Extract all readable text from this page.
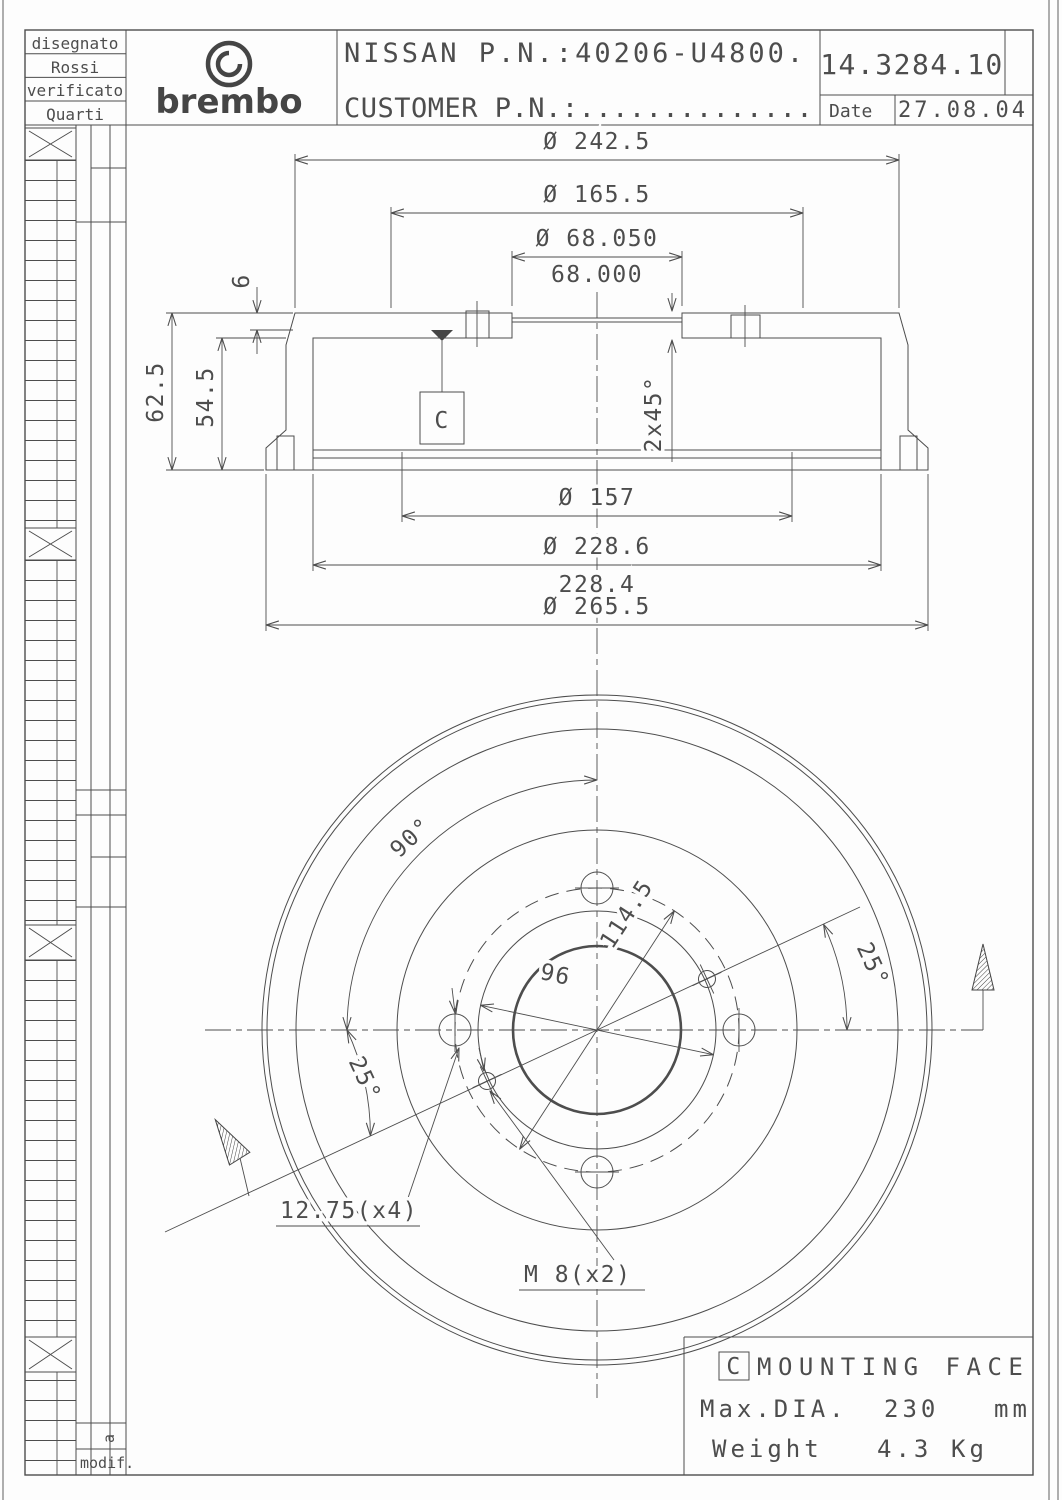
disegnato
Rossi
verificato
Quarti brembo
NISSAN P.N.:40206-U4800.
CUSTOMER P.N.:..............
14.3284.10
Date 27.08.04
a
modif.
C
Ø 242.5
Ø 165.5
Ø 68.050
68.000
Ø 157
Ø 228.6
228.4
Ø 265.5
62.5 54.5
6
2x45°
90°
25°
25°
114.5
96
12.75(x4)
M 8(x2)
C MOUNTING FACE
Max.DIA. 230 mm
Weight 4.3 Kg
